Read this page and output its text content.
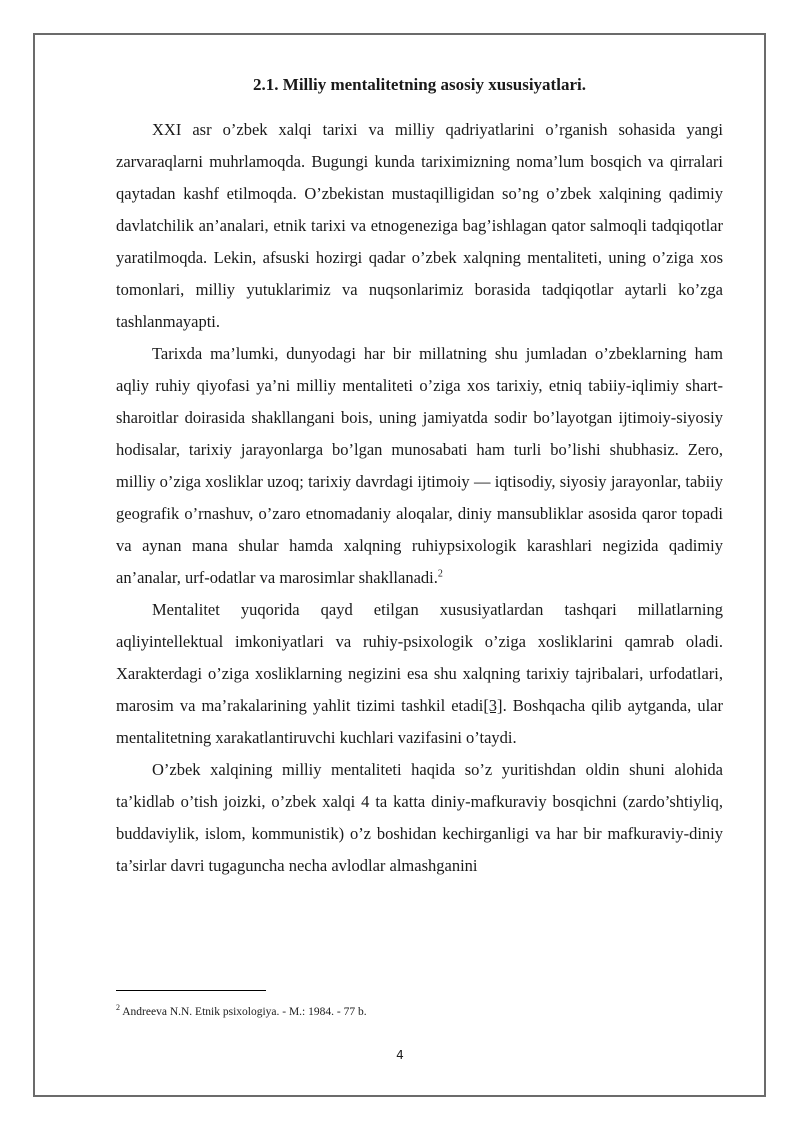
2.1. Milliy mentalitetning asosiy xususiyatlari.

XXI asr o’zbek xalqi tarixi va milliy qadriyatlarini o’rganish sohasida yangi zarvaraqlarni muhrlamoqda. Bugungi kunda tariximizning noma’lum bosqich va qirralari qaytadan kashf etilmoqda. O’zbekistan mustaqilligidan so’ng o’zbek xalqining qadimiy davlatchilik an’analari, etnik tarixi va etnogeneziga bag’ishlagan qator salmoqli tadqiqotlar yaratilmoqda. Lekin, afsuski hozirgi qadar o’zbek xalqning mentaliteti, uning o’ziga xos tomonlari, milliy yutuklarimiz va nuqsonlarimiz borasida tadqiqotlar aytarli ko’zga tashlanmayapti.

Tarixda ma’lumki, dunyodagi har bir millatning shu jumladan o’zbeklarning ham aqliy ruhiy qiyofasi ya’ni milliy mentaliteti o’ziga xos tarixiy, etniq tabiiy-iqlimiy shart-sharoitlar doirasida shakllangani bois, uning jamiyatda sodir bo’layotgan ijtimoiy-siyosiy hodisalar, tarixiy jarayonlarga bo’lgan munosabati ham turli bo’lishi shubhasiz. Zero, milliy o’ziga xosliklar uzoq; tarixiy davrdagi ijtimoiy — iqtisodiy, siyosiy jarayonlar, tabiiy geografik o’rnashuv, o’zaro etnomadaniy aloqalar, diniy mansubliklar asosida qaror topadi va aynan mana shular hamda xalqning ruhiypsixologik karashlari negizida qadimiy an’analar, urf-odatlar va marosimlar shakllanadi.$^2$

Mentalitet yuqorida qayd etilgan xususiyatlardan tashqari millatlarning aqliyintellektual imkoniyatlari va ruhiy-psixologik o’ziga xosliklarini qamrab oladi. Xarakterdagi o’ziga xosliklarning negizini esa shu xalqning tarixiy tajribalari, urfodatlari, marosim va ma’rakalarining yahlit tizimi tashkil etadi[3]. Boshqacha qilib aytganda, ular mentalitetning xarakatlantiruvchi kuchlari vazifasini o’taydi.

O’zbek xalqining milliy mentaliteti haqida so’z yuritishdan oldin shuni alohida ta’kidlab o’tish joizki, o’zbek xalqi 4 ta katta diniy-mafkuraviy bosqichni (zardo’shtiyliq, buddaviylik, islom, kommunistik) o’z boshidan kechirganligi va har bir mafkuraviy-diniy ta’sirlar davri tugaguncha necha avlodlar almashganini

$^2$ Andreeva N.N. Etnik psixologiya. - M.: 1984. - 77 b.
4
